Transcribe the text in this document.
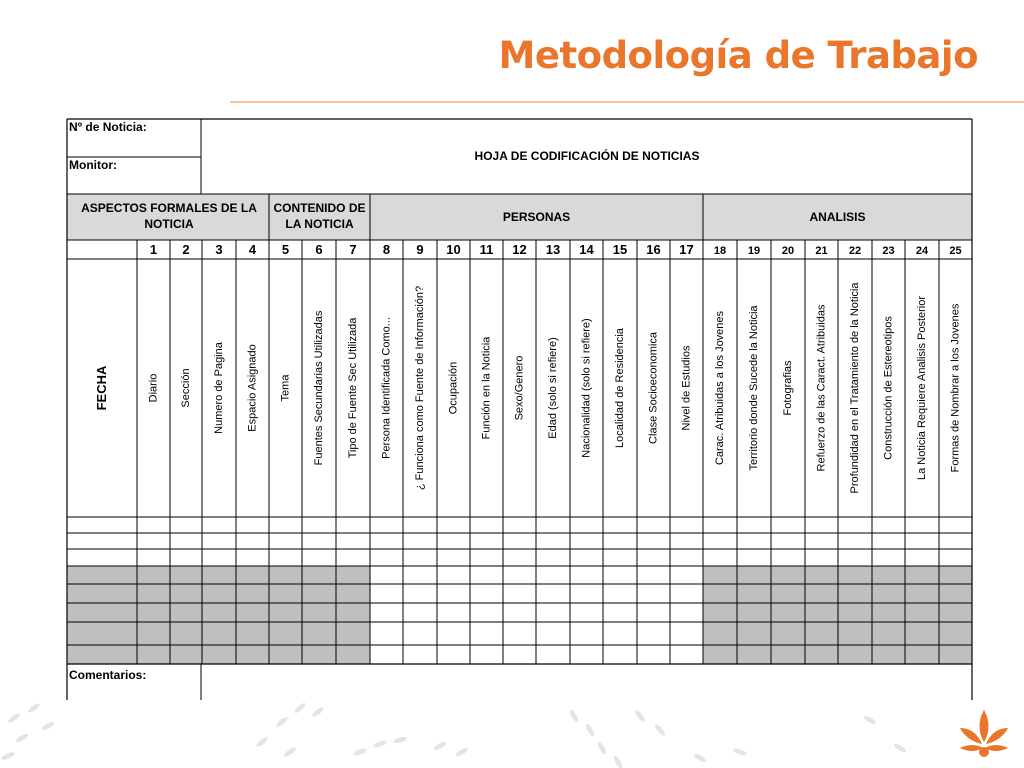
Metodología de Trabajo
Nº de Noticia:
Monitor:
HOJA DE CODIFICACIÓN DE NOTICIAS
ASPECTOS FORMALES DE LA
NOTICIA
CONTENIDO DE
LA NOTICIA	PERSONAS	ANALISIS
FECHA
1
Diario
2
Sección
3
Numero de Pagina
4
Espacio Asignado
5
Tema
6
Fuentes Secundarias Utilizadas
7
Tipo de Fuente Sec Utilizada
8
Persona Identificada Como...
9
¿ Funciona como Fuente de Información?
10
Ocupación
11
Función en la Noticia
12
Sexo/Genero
13
Edad (solo si refiere)
14
Nacionalidad (solo si refiere)
15
Localidad de Residencia
16
Clase Socioeconomica
17
Nivel de Estudios
18
Carac. Atribuidas a los Jovenes
19
Territorio donde Sucede la Noticia
20
Fotografias
21
Refuerzo de las Caract. Atribuidas
22
Profundidad en el Tratamiento de la Noticia
23
Construcción de Estereotipos
24
La Noticia Requiere Analisis Posterior
25
Formas de Nombrar a los Jovenes
Comentarios:
